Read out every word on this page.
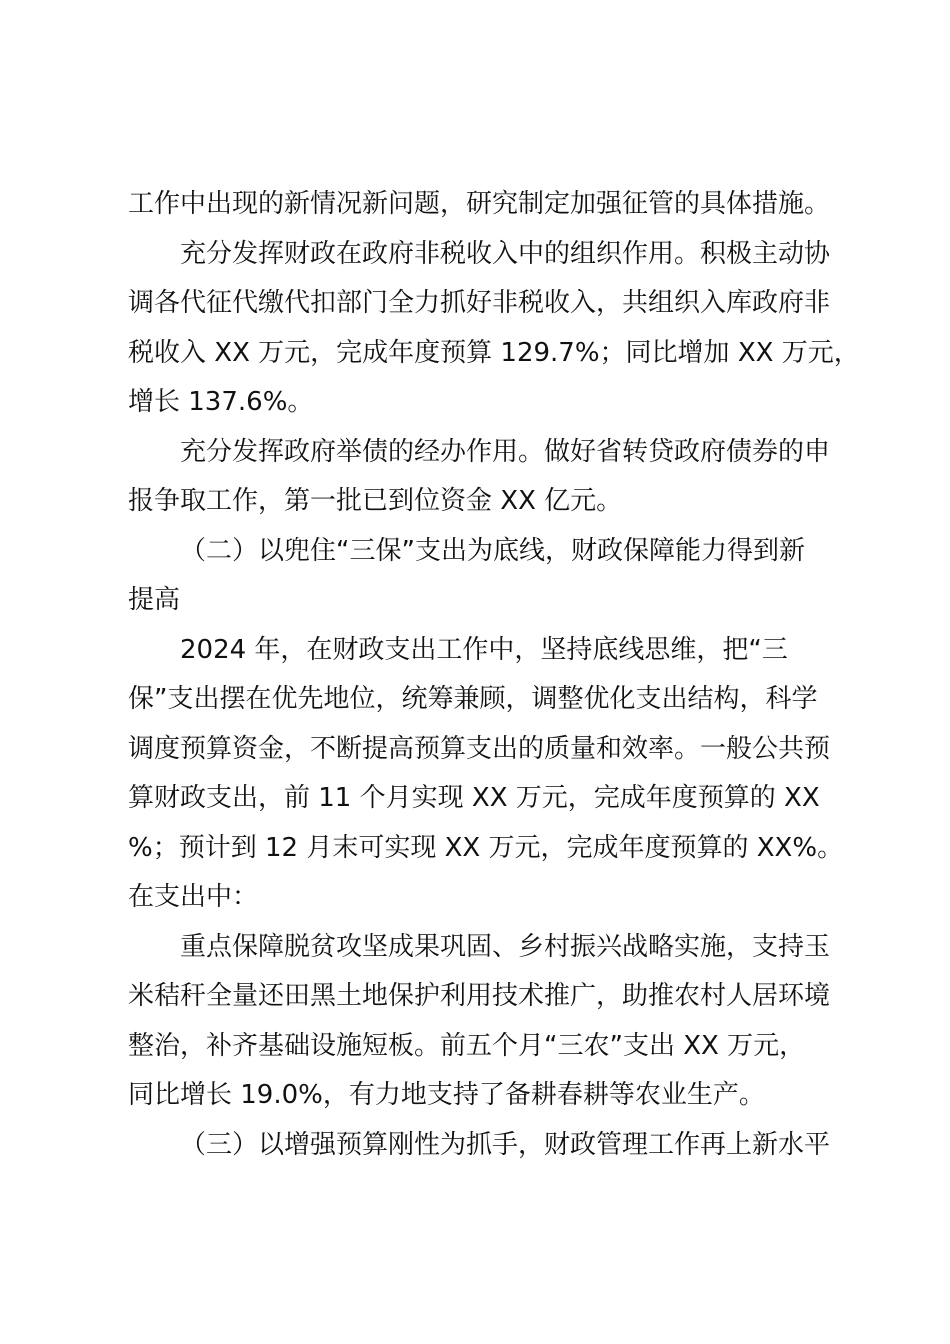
工作中出现的新情况新问题，研究制定加强征管的具体措施。

充分发挥财政在政府非税收入中的组织作用。积极主动协
调各代征代缴代扣部门全力抓好非税收入，共组织入库政府非
税收入 XX 万元，完成年度预算 129.7%；同比增加 XX 万元，
增长 137.6%。

充分发挥政府举债的经办作用。做好省转贷政府债券的申
报争取工作，第一批已到位资金 XX 亿元。

（二）以兜住“三保”支出为底线，财政保障能力得到新
提高

2024 年，在财政支出工作中，坚持底线思维，把“三
保”支出摆在优先地位，统筹兼顾，调整优化支出结构，科学
调度预算资金，不断提高预算支出的质量和效率。一般公共预
算财政支出，前 11 个月实现 XX 万元，完成年度预算的 XX
%；预计到 12 月末可实现 XX 万元，完成年度预算的 XX%。
在支出中：

重点保障脱贫攻坚成果巩固、乡村振兴战略实施，支持玉
米秸秆全量还田黑土地保护利用技术推广，助推农村人居环境
整治，补齐基础设施短板。前五个月“三农”支出 XX 万元，
同比增长 19.0%，有力地支持了备耕春耕等农业生产。

（三）以增强预算刚性为抓手，财政管理工作再上新水平
